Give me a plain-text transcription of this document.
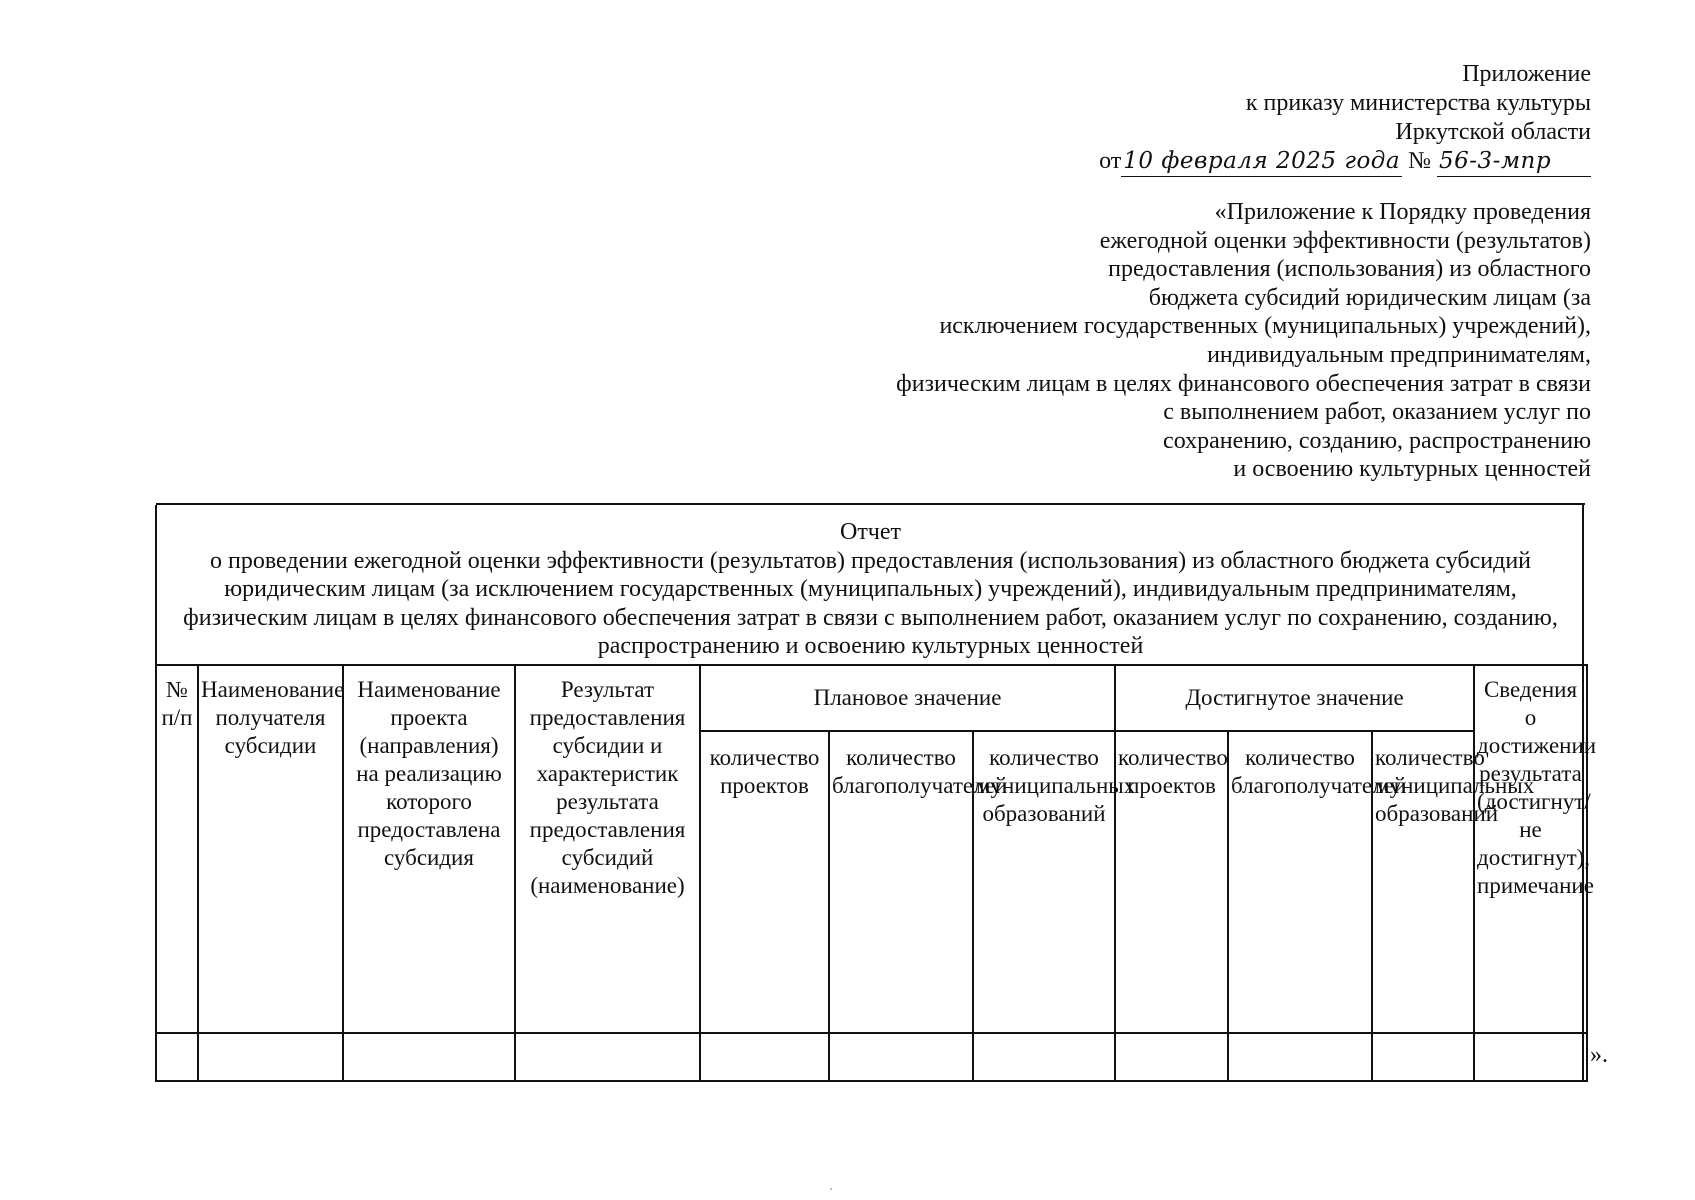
Приложение
к приказу министерства культуры
Иркутской области
от10 февраля 2025 года № 56-3-мпр
«Приложение к Порядку проведения
ежегодной оценки эффективности (результатов)
предоставления (использования) из областного
бюджета субсидий юридическим лицам (за
исключением государственных (муниципальных) учреждений),
индивидуальным предпринимателям,
физическим лицам в целях финансового обеспечения затрат в связи
с выполнением работ, оказанием услуг по
сохранению, созданию, распространению
и освоению культурных ценностей
Отчет
о проведении ежегодной оценки эффективности (результатов) предоставления (использования) из областного бюджета субсидий
юридическим лицам (за исключением государственных (муниципальных) учреждений), индивидуальным предпринимателям,
физическим лицам в целях финансового обеспечения затрат в связи с выполнением работ, оказанием услуг по сохранению, созданию,
распространению и освоению культурных ценностей
№ п/п	Наименование получателя субсидии	Наименование проекта (направления) на реализацию которого предоставлена субсидия	Результат предоставления субсидии и характеристик результата предоставления субсидий (наименование)	Плановое значение			Достигнутое значение			Сведения о достижении результата (достигнут/не достигнут), примечание

				количество проектов	количество благополучателей	количество муниципальных образований	количество проектов	количество благополучателей	количество муниципальных образований	

».
